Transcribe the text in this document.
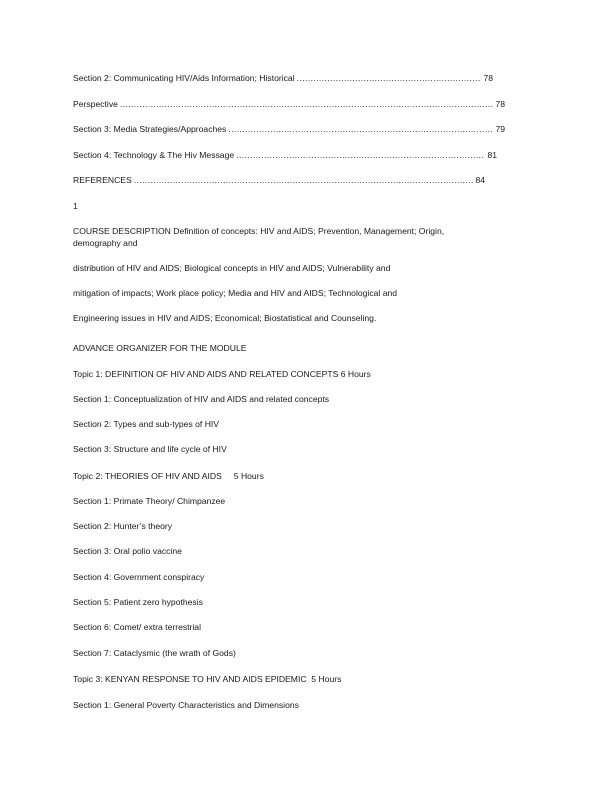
Section 2: Communicating HIV/Aids Information; Historical .....	78
Perspective .....	78
Section 3: Media Strategies/Approaches .....	79
Section 4: Technology & The Hiv Message .....	81
REFERENCES .....	84
1
COURSE DESCRIPTION Definition of concepts: HIV and AIDS; Prevention, Management; Origin, demography and
distribution of HIV and AIDS; Biological concepts in HIV and AIDS; Vulnerability and
mitigation of impacts; Work place policy; Media and HIV and AIDS; Technological and
Engineering issues in HIV and AIDS; Economical; Biostatistical and Counseling.
ADVANCE ORGANIZER FOR THE MODULE
Topic 1: DEFINITION OF HIV AND AIDS AND RELATED CONCEPTS 6 Hours
Section 1: Conceptualization of HIV and AIDS and related concepts
Section 2: Types and sub-types of HIV
Section 3: Structure and life cycle of HIV
Topic 2: THEORIES OF HIV AND AIDS     5 Hours
Section 1: Primate Theory/ Chimpanzee
Section 2: Hunter’s theory
Section 3: Oral polio vaccine
Section 4: Government conspiracy
Section 5: Patient zero hypothesis
Section 6: Comet/ extra terrestrial
Section 7: Cataclysmic (the wrath of Gods)
Topic 3: KENYAN RESPONSE TO HIV AND AIDS EPIDEMIC  5 Hours
Section 1: General Poverty Characteristics and Dimensions
